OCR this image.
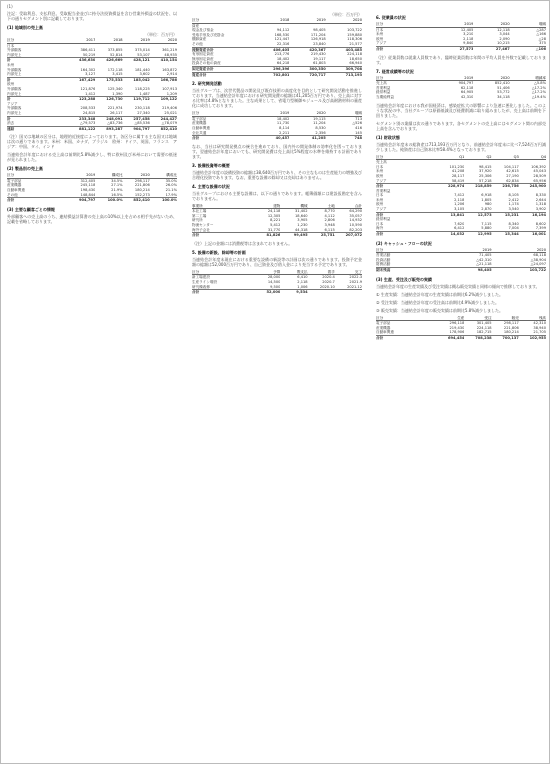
(1)
注記：受取利息、支払利息、受取配当金並びに持分法投資損益を含む営業外損益の状況を、以下の通りセグメント別に記載しております。
(1) 地域別の売上高
（単位：百万円）
区分	2017	2018	2019	2020
日本				
外部顧客	386,411	373,855	375,014	361,219
内部売上	50,219	52,814	53,107	48,935
計	436,630	426,669	428,121	410,154
米州				
外部顧客	164,302	172,118	181,440	163,872
内部売上	3,127	3,415	3,602	2,914
計	167,429	175,533	185,042	166,786
欧州				
外部顧客	121,876	125,340	118,225	107,913
内部売上	1,412	1,390	1,487	1,209
計	123,288	126,730	119,712	109,122
アジア				
外部顧客	208,533	221,974	230,118	219,406
内部売上	24,815	26,117	27,340	25,021
計	233,348	248,091	257,458	244,427
消去	△79,573	△83,736	△85,536	△78,079
連結	881,122	893,287	904,797	852,410
（注）国又は地域の区分は、地理的近接度によっております。各区分に属する主な国又は地域は次の通りであります。米州：米国、カナダ、ブラジル　欧州：ドイツ、英国、フランス　アジア：中国、タイ、インド
当連結会計年度における売上高は前期比5.8%減少し、特に欧州及び米州において需要の低迷が見られました。
(2) 製品別の売上高
区分	2019	構成比	2020	構成比
電子部品	312,405	34.5%	298,117	35.0%
産業機器	245,118	27.1%	221,806	26.0%
自動車関連	198,430	21.9%	180,214	21.1%
その他	148,844	16.5%	152,273	17.9%
合計	904,797	100.0%	852,410	100.0%
(3) 主要な顧客ごとの情報
外部顧客への売上高のうち、連結損益計算書の売上高の10%以上を占める相手先がないため、記載を省略しております。
（単位：百万円）
区分	2018	2019	2020
資産			
現金及び預金	94,112	98,405	103,722
受取手形及び売掛金	168,530	171,204	159,880
棚卸資産	121,447	126,918	118,306
その他	22,316	23,840	21,577
流動資産合計	406,405	420,367	403,485
有形固定資産	213,776	219,430	224,118
無形固定資産	18,402	19,117	18,650
投資その他の資産	64,218	61,803	66,940
固定資産合計	296,396	300,350	309,708
資産合計	702,801	720,717	713,193
2. 研究開発活動
当社グループは、次世代製品の開発及び既存技術の高度化を目的として研究開発活動を推進しております。当連結会計年度における研究開発費の総額は41,205百万円であり、売上高に対する比率は4.8%となりました。主な成果として、省電力型制御モジュール及び高耐熱材料の量産化に成功しております。
区分	2019	2020	増減
電子部品	18,402	19,115	713
産業機器	11,730	11,204	△526
自動車関連	8,114	8,530	416
全社共通	2,211	2,356	145
合計	40,457	41,205	748
なお、当社は研究開発拠点の統合を進めており、国内外の開発体制の効率化を図っております。翌連結会計年度においても、研究開発費は売上高比5%程度の水準を維持する計画であります。
3. 設備投資等の概要
当連結会計年度の設備投資の総額は38,640百万円であり、その主なものは生産能力の増強及び合理化投資であります。なお、重要な設備の除却又は売却はありません。
4. 主要な設備の状況
当社グループにおける主要な設備は、以下の通りであります。帳簿価額には建設仮勘定を含んでおりません。
事業所	建物	機械	土地	合計
本社工場	24,118	31,402	8,770	64,290
第二工場	12,305	18,640	4,112	35,057
研究所	8,221	3,905	2,806	14,932
物流センター	5,412	1,230	3,948	10,590
海外子会社	31,770	44,318	6,115	82,203
合計	81,826	99,495	25,751	207,072
（注）上記の金額には消費税等は含まれておりません。
5. 設備の新設、除却等の計画
当連結会計年度末現在における重要な設備の新設等の計画は次の通りであります。投資予定金額の総額は52,000百万円であり、自己資金及び借入金により充当する予定であります。
区分	予算	既支払	着手	完了
新工場建設	28,000	6,410	2020.4	2022.3
生産ライン増設	14,500	2,118	2020.7	2021.9
研究棟改修	9,500	1,006	2020.10	2021.12
合計	52,000	9,534		
6. 従業員の状況
区分	2019	2020	増減
日本	12,405	12,118	△287
米州	3,210	3,044	△166
欧州	2,118	2,090	△28
アジア	9,840	10,215	375
合計	27,573	27,467	△106
（注）従業員数は就業人員数であり、臨時従業員数は年間の平均人員を外数で記載しております。
7. 経営成績等の状況
区分	2019	2020	増減率
売上高	904,797	852,410	△5.8%
営業利益	62,118	51,406	△17.2%
経常利益	64,905	53,772	△17.2%
当期純利益	42,310	34,118	△19.4%
当連結会計年度における我が国経済は、感染症拡大の影響により急速に悪化しました。このような状況の中、当社グループは原価低減及び経費削減に取り組みましたが、売上高は前期を下回りました。
セグメント別の業績は次の通りであります。各セグメントの売上高にはセグメント間の内部売上高を含んでおります。
(1) 財政状態
当連結会計年度末の総資産は713,193百万円となり、前連結会計年度末に比べ7,524百万円減少しました。純資産は自己資本比率58.4%となっております。
区分	Q1	Q2	Q3	Q4
売上高				
日本	101,230	98,415	104,117	106,392
米州	41,208	37,920	42,615	45,043
欧州	28,117	25,306	27,190	28,509
アジア	58,419	57,218	62,834	65,956
合計	228,974	218,859	236,756	245,900
営業利益				
日本	7,412	6,918	8,105	8,330
米州	2,118	1,805	2,412	2,644
欧州	1,206	980	1,174	1,318
アジア	3,105	2,870	3,540	3,902
合計	13,841	12,573	15,231	16,194
経常利益				
日本	7,620	7,115	8,340	8,602
海外	6,412	5,880	7,004	7,399
合計	14,032	12,995	15,344	16,001
(2) キャッシュ・フローの状況
区分	2019	2020
営業活動	71,405	68,118
投資活動	△42,310	△38,904
財務活動	△21,118	△24,097
期末残高	98,405	103,722
(3) 生産、受注及び販売の実績
当連結会計年度の生産実績及び受注実績は概ね販売実績と同様の傾向で推移しております。
① 生産実績：当連結会計年度の生産実績は前期比6.2%減少しました。
② 受注実績：当連結会計年度の受注高は前期比4.9%減少しました。
③ 販売実績：当連結会計年度の販売実績は前期比5.8%減少しました。
区分	生産	受注	販売	残高
電子部品	296,118	301,405	298,117	42,310
産業機器	219,430	224,118	221,806	38,940
自動車関連	178,906	182,715	180,214	21,705
合計	694,454	708,238	700,137	102,955
